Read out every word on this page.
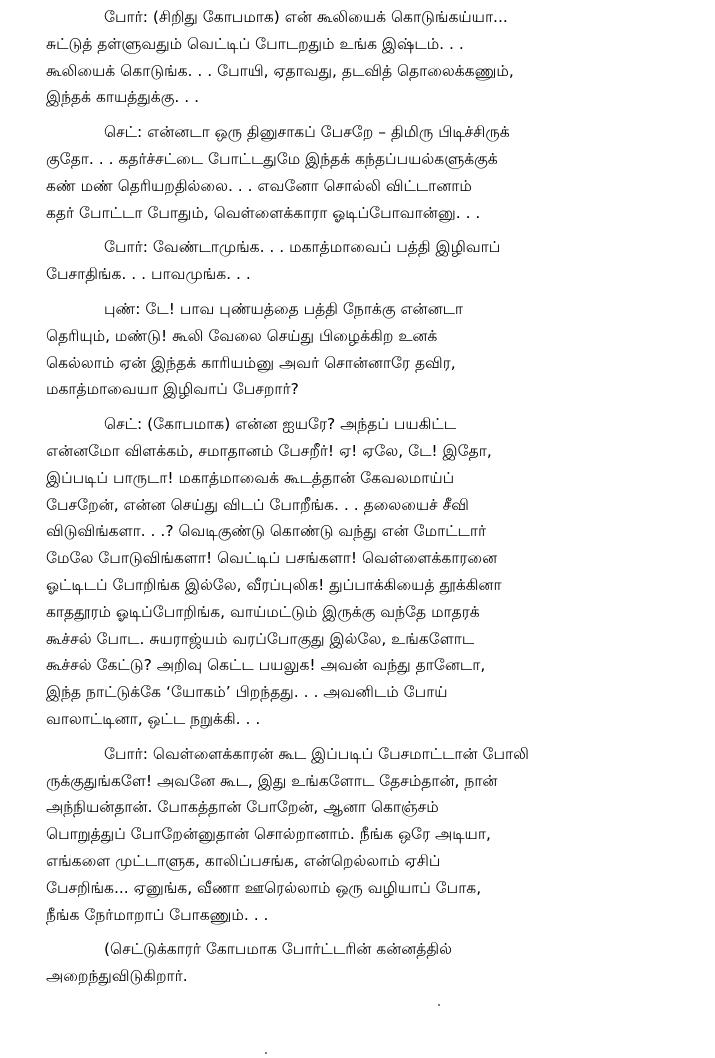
போர்: (சிறிது கோபமாக) என் கூலியைக் கொடுங்கய்யா...
சுட்டுத் தள்ளுவதும் வெட்டிப் போடறதும் உங்க இஷ்டம். . .
கூலியைக் கொடுங்க. . . போயி, ஏதாவது, தடவித் தொலைக்கணும்,
இந்தக் காயத்துக்கு. . .

செட்: என்னடா ஒரு தினுசாகப் பேசறே – திமிரு பிடிச்சிருக்
குதோ. . . கதர்ச்சட்டை போட்டதுமே இந்தக் கந்தப்பயல்களுக்குக்
கண் மண் தெரியறதில்லை. . . எவனோ சொல்லி விட்டானாம்
கதர் போட்டா போதும், வெள்ளைக்காரா ஓடிப்போவான்னு. . .

போர்: வேண்டாமுங்க. . . மகாத்மாவைப் பத்தி இழிவாப்
பேசாதிங்க. . . பாவமுங்க. . .

புண்: டே! பாவ புண்யத்தை பத்தி நோக்கு என்னடா
தெரியும், மண்டு! கூலி வேலை செய்து பிழைக்கிற உனக்
கெல்லாம் ஏன் இந்தக் காரியம்னு அவர் சொன்னாரே தவிர,
மகாத்மாவையா இழிவாப் பேசறார்?

செட்: (கோபமாக) என்ன ஐயரே? அந்தப் பயகிட்ட
என்னமோ விளக்கம், சமாதானம் பேசறீர்! ஏ! ஏலே, டே! இதோ,
இப்படிப் பாருடா! மகாத்மாவைக் கூடத்தான் கேவலமாய்ப்
பேசறேன், என்ன செய்து விடப் போறீங்க. . . தலையைச் சீவி
விடுவிங்களா. . .? வெடிகுண்டு கொண்டு வந்து என் மோட்டார்
மேலே போடுவிங்களா! வெட்டிப் பசங்களா! வெள்ளைக்காரனை
ஓட்டிடப் போறிங்க இல்லே, வீரப்புலிக! துப்பாக்கியைத் தூக்கினா
காததூரம் ஓடிப்போறிங்க, வாய்மட்டும் இருக்கு வந்தே மாதரக்
கூச்சல் போட. சுயராஜ்யம் வரப்போகுது இல்லே, உங்களோட
கூச்சல் கேட்டு? அறிவு கெட்ட பயலுக! அவன் வந்து தானேடா,
இந்த நாட்டுக்கே ‘யோகம்’ பிறந்தது. . . அவனிடம் போய்
வாலாட்டினா, ஒட்ட நறுக்கி. . .

போர்: வெள்ளைக்காரன் கூட இப்படிப் பேசமாட்டான் போலி
ருக்குதுங்களே! அவனே கூட, இது உங்களோட தேசம்தான், நான்
அந்நியன்தான். போகத்தான் போறேன், ஆனா கொஞ்சம்
பொறுத்துப் போறேன்னுதான் சொல்றானாம். நீங்க ஒரே அடியா,
எங்களை முட்டாளுக, காலிப்பசங்க, என்றெல்லாம் ஏசிப்
பேசறிங்க... ஏனுங்க, வீணா ஊரெல்லாம் ஒரு வழியாப் போக,
நீங்க நேர்மாறாப் போகணும். . .

(செட்டுக்காரர் கோபமாக போர்ட்டரின் கன்னத்தில்
அறைந்துவிடுகிறார்.
